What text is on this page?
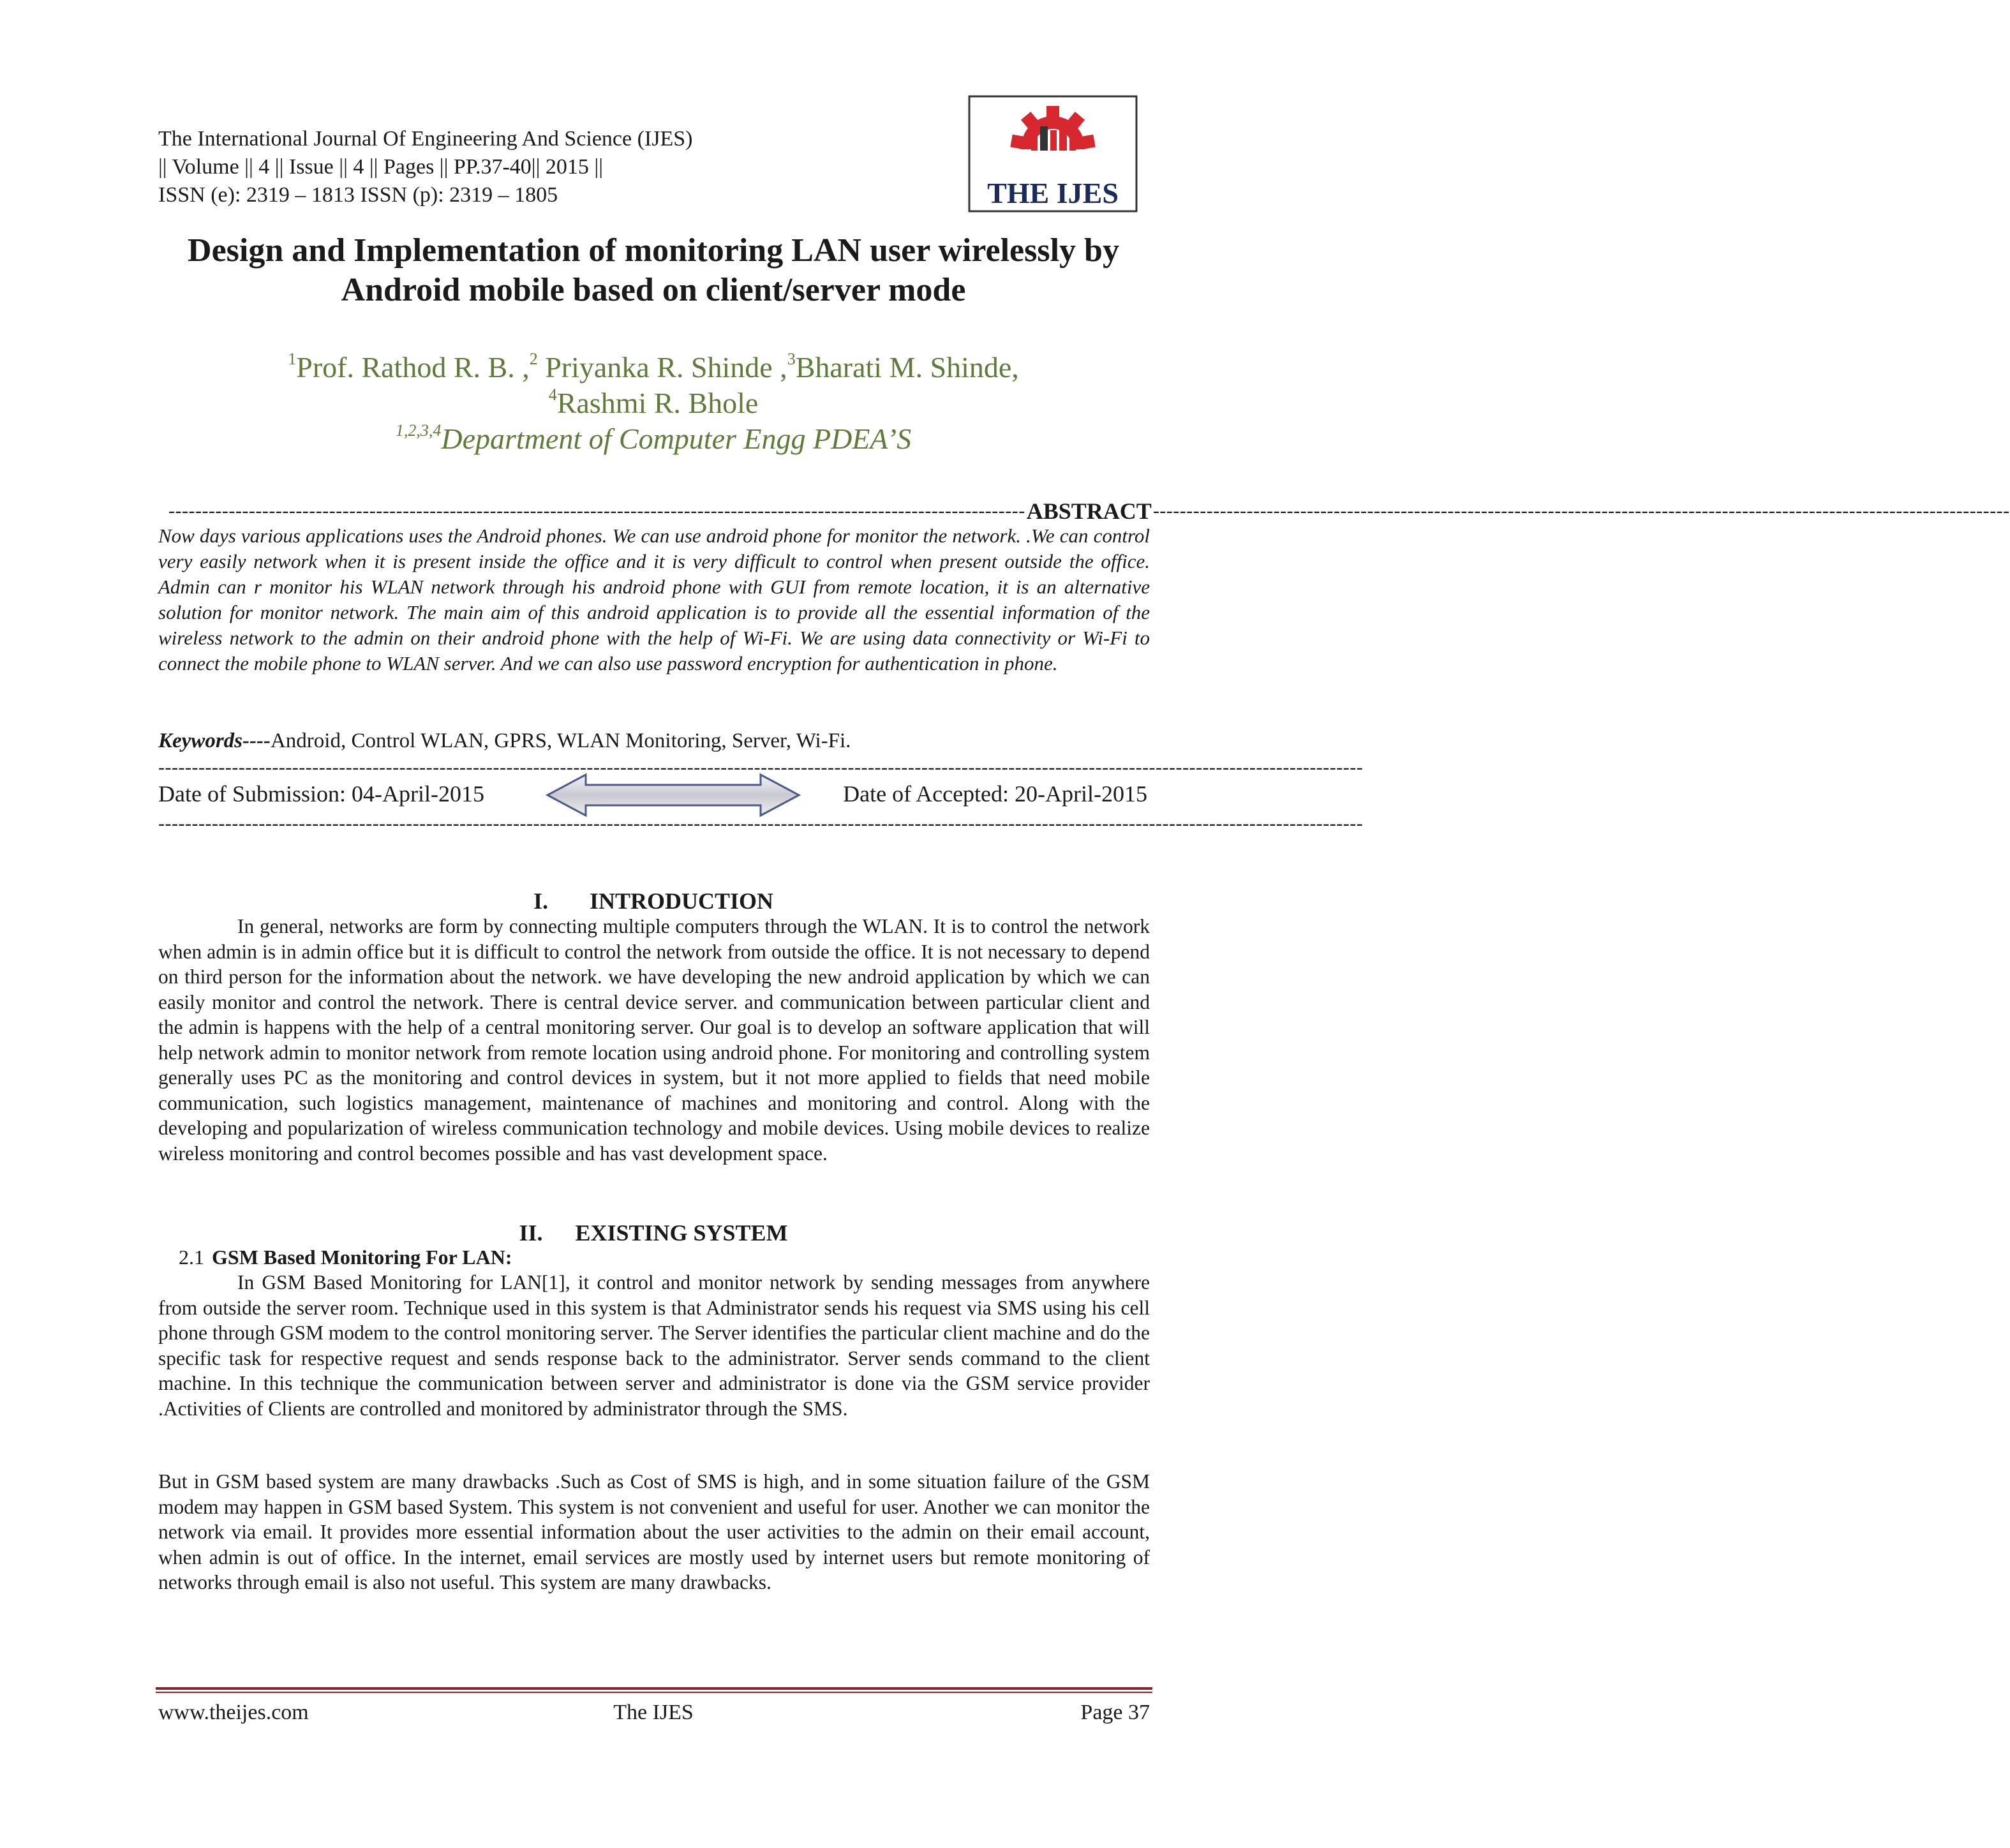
The International Journal Of Engineering And Science (IJES)
|| Volume || 4 || Issue || 4 || Pages || PP.37-40|| 2015 ||
ISSN (e): 2319 – 1813 ISSN (p): 2319 – 1805	THE IJES
Design and Implementation of monitoring LAN user wirelessly by
Android mobile based on client/server mode
$^1$Prof. Rathod R. B. ,$^2$ Priyanka R. Shinde ,$^3$Bharati M. Shinde,
$^4$Rashmi R. Bhole
$^{1,2,3,4}$Department of Computer Engg PDEA’S
-------------------------------------------------------------------------------------------------------------------------------- ABSTRACT --------------------------------------------------------------------------------------------------------------------------------
Now days various applications uses the Android phones. We can use android phone for monitor the network. .We can control very easily network when it is present inside the office and it is very difficult to control when present outside the office. Admin can r monitor his WLAN network through his android phone with GUI from remote location, it is an alternative solution for monitor network. The main aim of this android application is to provide all the essential information of the wireless network to the admin on their android phone with the help of Wi-Fi. We are using data connectivity or Wi-Fi to connect the mobile phone to WLAN server. And we can also use password encryption for authentication in phone.
Keywords----Android, Control WLAN, GPRS, WLAN Monitoring, Server, Wi-Fi.
------------------------------------------------------------------------------------------------------------------------------------------------------------------------------------
Date of Submission: 04-April-2015	Date of Accepted: 20-April-2015
------------------------------------------------------------------------------------------------------------------------------------------------------------------------------------
I. INTRODUCTION
In general, networks are form by connecting multiple computers through the WLAN. It is to control the network when admin is in admin office but it is difficult to control the network from outside the office. It is not necessary to depend on third person for the information about the network. we have developing the new android application by which we can easily monitor and control the network. There is central device server. and communication between particular client and the admin is happens with the help of a central monitoring server. Our goal is to develop an software application that will help network admin to monitor network from remote location using android phone. For monitoring and controlling system generally uses PC as the monitoring and control devices in system, but it not more applied to fields that need mobile communication, such logistics management, maintenance of machines and monitoring and control. Along with the developing and popularization of wireless communication technology and mobile devices. Using mobile devices to realize wireless monitoring and control becomes possible and has vast development space.
II. EXISTING SYSTEM
2.1 GSM Based Monitoring For LAN:
In GSM Based Monitoring for LAN[1], it control and monitor network by sending messages from anywhere from outside the server room. Technique used in this system is that Administrator sends his request via SMS using his cell phone through GSM modem to the control monitoring server. The Server identifies the particular client machine and do the specific task for respective request and sends response back to the administrator. Server sends command to the client machine. In this technique the communication between server and administrator is done via the GSM service provider .Activities of Clients are controlled and monitored by administrator through the SMS.
But in GSM based system are many drawbacks .Such as Cost of SMS is high, and in some situation failure of the GSM modem may happen in GSM based System. This system is not convenient and useful for user. Another we can monitor the network via email. It provides more essential information about the user activities to the admin on their email account, when admin is out of office. In the internet, email services are mostly used by internet users but remote monitoring of networks through email is also not useful. This system are many drawbacks.
www.theijes.com	The IJES	Page 37
